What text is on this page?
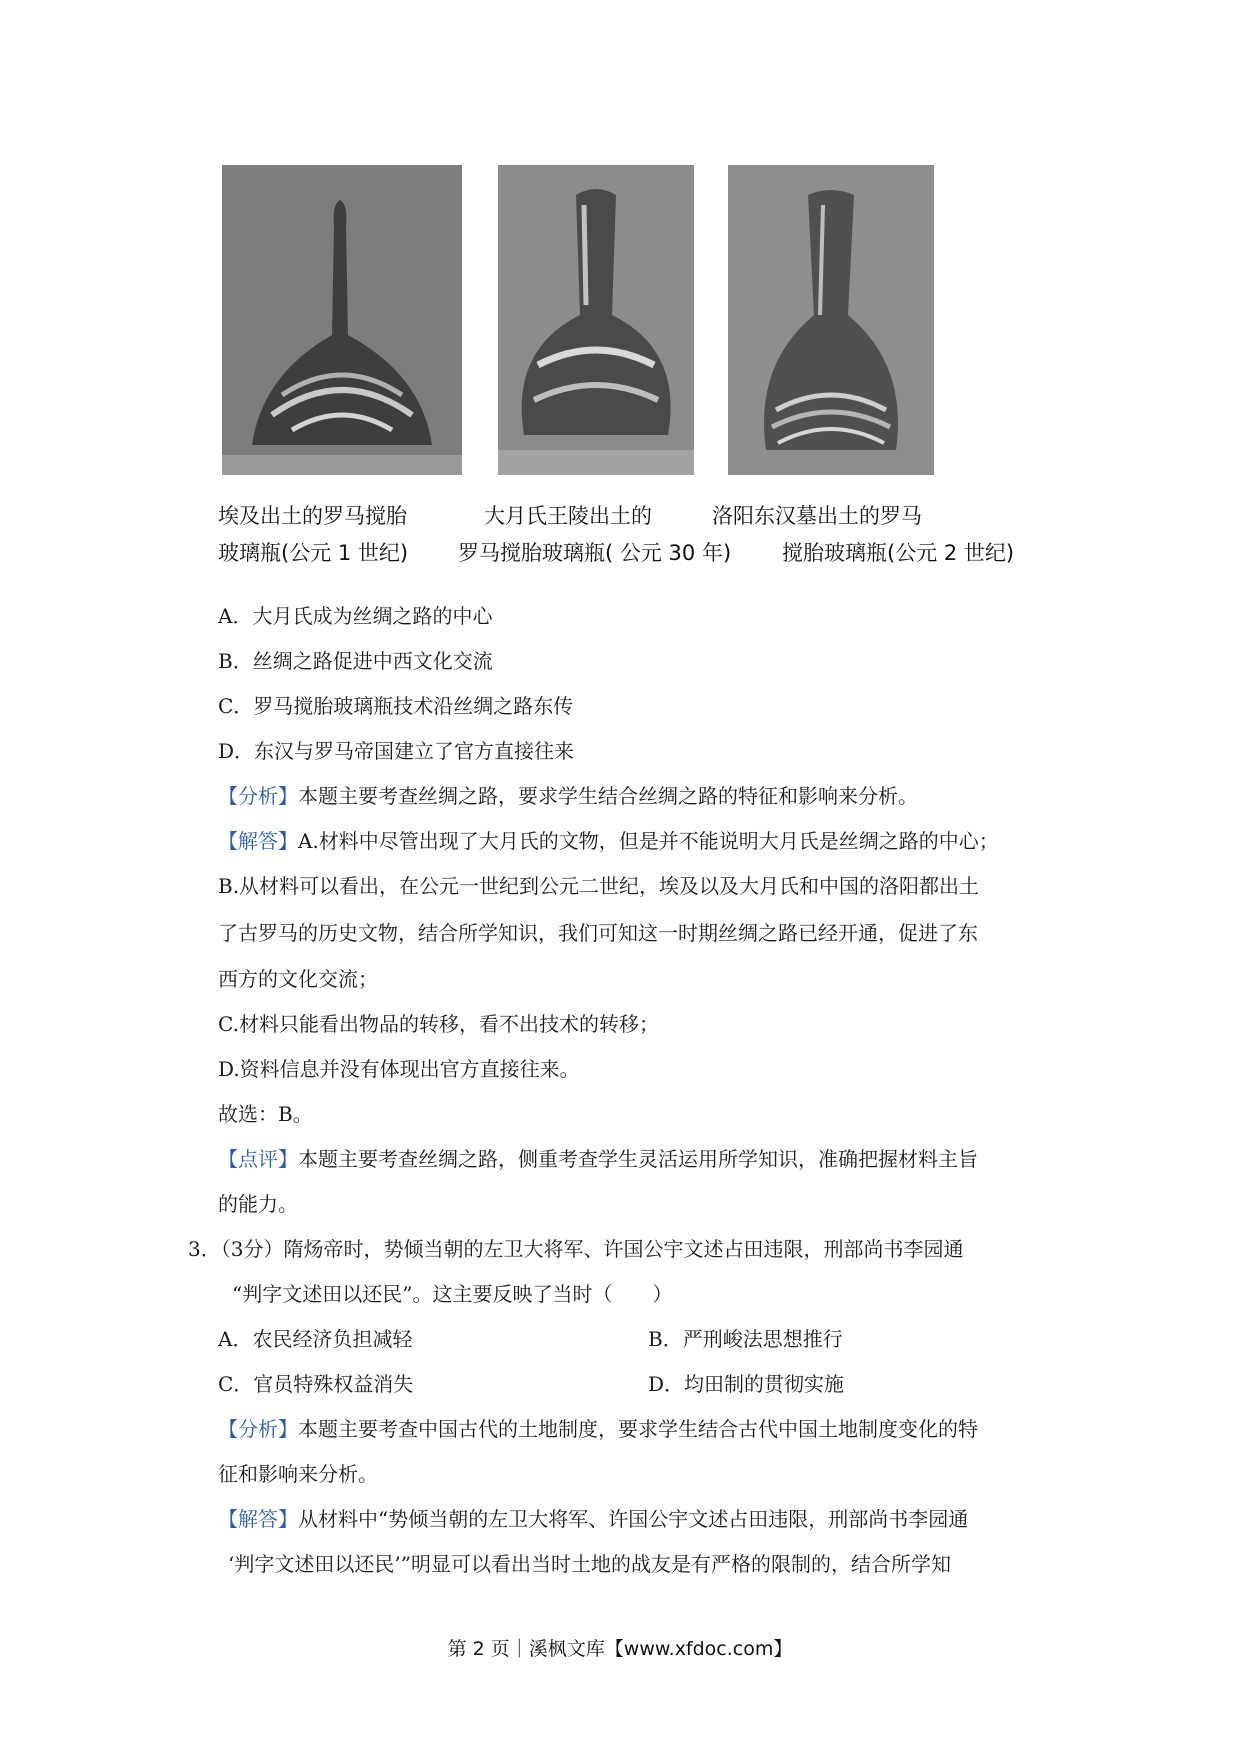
埃及出土的罗马搅胎
玻璃瓶(公元 1 世纪)
大月氏王陵出土的
罗马搅胎玻璃瓶( 公元 30 年)
洛阳东汉墓出土的罗马
搅胎玻璃瓶(公元 2 世纪)
A．大月氏成为丝绸之路的中心
B．丝绸之路促进中西文化交流
C．罗马搅胎玻璃瓶技术沿丝绸之路东传
D．东汉与罗马帝国建立了官方直接往来
【分析】本题主要考查丝绸之路，要求学生结合丝绸之路的特征和影响来分析。
【解答】A.材料中尽管出现了大月氏的文物，但是并不能说明大月氏是丝绸之路的中心；
B.从材料可以看出，在公元一世纪到公元二世纪，埃及以及大月氏和中国的洛阳都出土
了古罗马的历史文物，结合所学知识，我们可知这一时期丝绸之路已经开通，促进了东
西方的文化交流；
C.材料只能看出物品的转移，看不出技术的转移；
D.资料信息并没有体现出官方直接往来。
故选：B。
【点评】本题主要考查丝绸之路，侧重考查学生灵活运用所学知识，准确把握材料主旨
的能力。
3．（3分）隋炀帝时，势倾当朝的左卫大将军、许国公宇文述占田违限，刑部尚书李园通
“判字文述田以还民”。这主要反映了当时（　　）
A．农民经济负担减轻	B．严刑峻法思想推行
C．官员特殊权益消失	D．均田制的贯彻实施
【分析】本题主要考查中国古代的土地制度，要求学生结合古代中国土地制度变化的特
征和影响来分析。
【解答】从材料中“势倾当朝的左卫大将军、许国公宇文述占田违限，刑部尚书李园通
‘判字文述田以还民’”明显可以看出当时土地的战友是有严格的限制的，结合所学知
第 2 页｜溪枫文库【www.xfdoc.com】
